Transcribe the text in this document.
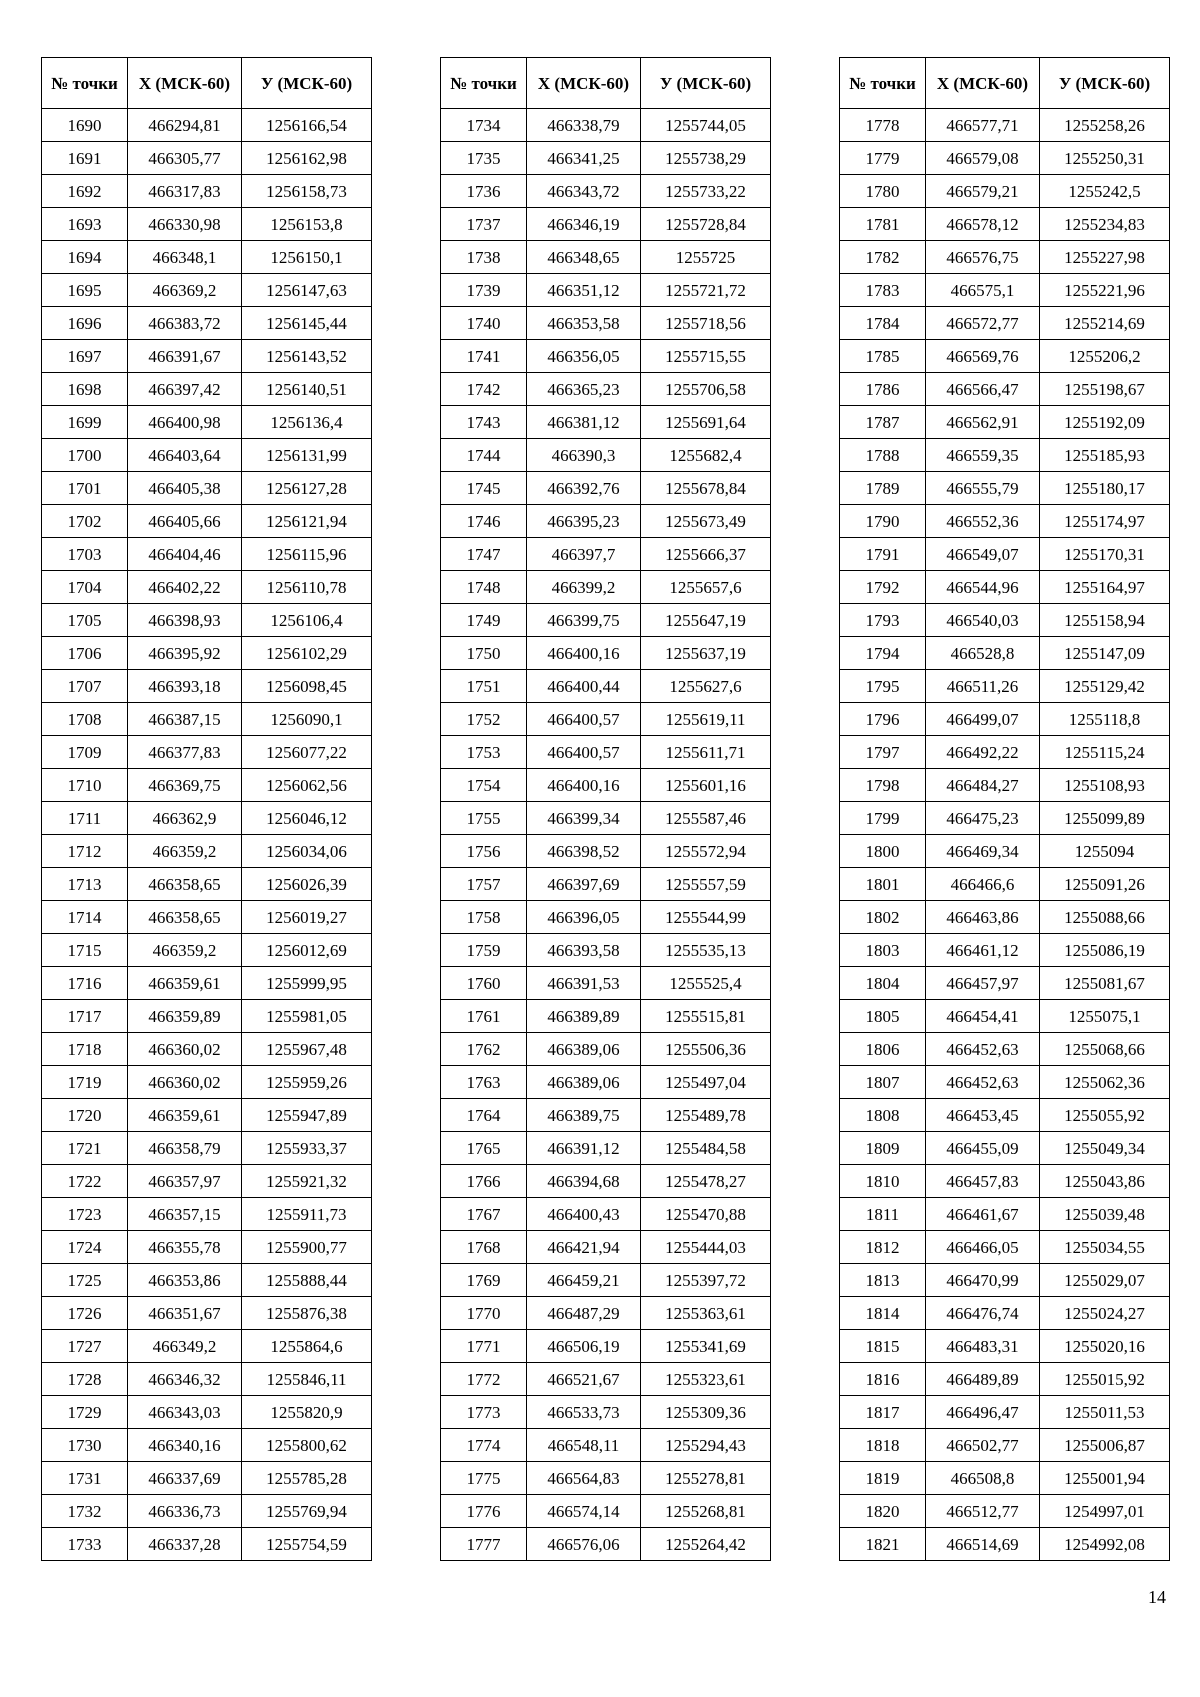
№ точки	X (МСК-60)	У (МСК-60)
1690	466294,81	1256166,54
1691	466305,77	1256162,98
1692	466317,83	1256158,73
1693	466330,98	1256153,8
1694	466348,1	1256150,1
1695	466369,2	1256147,63
1696	466383,72	1256145,44
1697	466391,67	1256143,52
1698	466397,42	1256140,51
1699	466400,98	1256136,4
1700	466403,64	1256131,99
1701	466405,38	1256127,28
1702	466405,66	1256121,94
1703	466404,46	1256115,96
1704	466402,22	1256110,78
1705	466398,93	1256106,4
1706	466395,92	1256102,29
1707	466393,18	1256098,45
1708	466387,15	1256090,1
1709	466377,83	1256077,22
1710	466369,75	1256062,56
1711	466362,9	1256046,12
1712	466359,2	1256034,06
1713	466358,65	1256026,39
1714	466358,65	1256019,27
1715	466359,2	1256012,69
1716	466359,61	1255999,95
1717	466359,89	1255981,05
1718	466360,02	1255967,48
1719	466360,02	1255959,26
1720	466359,61	1255947,89
1721	466358,79	1255933,37
1722	466357,97	1255921,32
1723	466357,15	1255911,73
1724	466355,78	1255900,77
1725	466353,86	1255888,44
1726	466351,67	1255876,38
1727	466349,2	1255864,6
1728	466346,32	1255846,11
1729	466343,03	1255820,9
1730	466340,16	1255800,62
1731	466337,69	1255785,28
1732	466336,73	1255769,94
1733	466337,28	1255754,59
№ точки	X (МСК-60)	У (МСК-60)
1734	466338,79	1255744,05
1735	466341,25	1255738,29
1736	466343,72	1255733,22
1737	466346,19	1255728,84
1738	466348,65	1255725
1739	466351,12	1255721,72
1740	466353,58	1255718,56
1741	466356,05	1255715,55
1742	466365,23	1255706,58
1743	466381,12	1255691,64
1744	466390,3	1255682,4
1745	466392,76	1255678,84
1746	466395,23	1255673,49
1747	466397,7	1255666,37
1748	466399,2	1255657,6
1749	466399,75	1255647,19
1750	466400,16	1255637,19
1751	466400,44	1255627,6
1752	466400,57	1255619,11
1753	466400,57	1255611,71
1754	466400,16	1255601,16
1755	466399,34	1255587,46
1756	466398,52	1255572,94
1757	466397,69	1255557,59
1758	466396,05	1255544,99
1759	466393,58	1255535,13
1760	466391,53	1255525,4
1761	466389,89	1255515,81
1762	466389,06	1255506,36
1763	466389,06	1255497,04
1764	466389,75	1255489,78
1765	466391,12	1255484,58
1766	466394,68	1255478,27
1767	466400,43	1255470,88
1768	466421,94	1255444,03
1769	466459,21	1255397,72
1770	466487,29	1255363,61
1771	466506,19	1255341,69
1772	466521,67	1255323,61
1773	466533,73	1255309,36
1774	466548,11	1255294,43
1775	466564,83	1255278,81
1776	466574,14	1255268,81
1777	466576,06	1255264,42
№ точки	X (МСК-60)	У (МСК-60)
1778	466577,71	1255258,26
1779	466579,08	1255250,31
1780	466579,21	1255242,5
1781	466578,12	1255234,83
1782	466576,75	1255227,98
1783	466575,1	1255221,96
1784	466572,77	1255214,69
1785	466569,76	1255206,2
1786	466566,47	1255198,67
1787	466562,91	1255192,09
1788	466559,35	1255185,93
1789	466555,79	1255180,17
1790	466552,36	1255174,97
1791	466549,07	1255170,31
1792	466544,96	1255164,97
1793	466540,03	1255158,94
1794	466528,8	1255147,09
1795	466511,26	1255129,42
1796	466499,07	1255118,8
1797	466492,22	1255115,24
1798	466484,27	1255108,93
1799	466475,23	1255099,89
1800	466469,34	1255094
1801	466466,6	1255091,26
1802	466463,86	1255088,66
1803	466461,12	1255086,19
1804	466457,97	1255081,67
1805	466454,41	1255075,1
1806	466452,63	1255068,66
1807	466452,63	1255062,36
1808	466453,45	1255055,92
1809	466455,09	1255049,34
1810	466457,83	1255043,86
1811	466461,67	1255039,48
1812	466466,05	1255034,55
1813	466470,99	1255029,07
1814	466476,74	1255024,27
1815	466483,31	1255020,16
1816	466489,89	1255015,92
1817	466496,47	1255011,53
1818	466502,77	1255006,87
1819	466508,8	1255001,94
1820	466512,77	1254997,01
1821	466514,69	1254992,08
14
